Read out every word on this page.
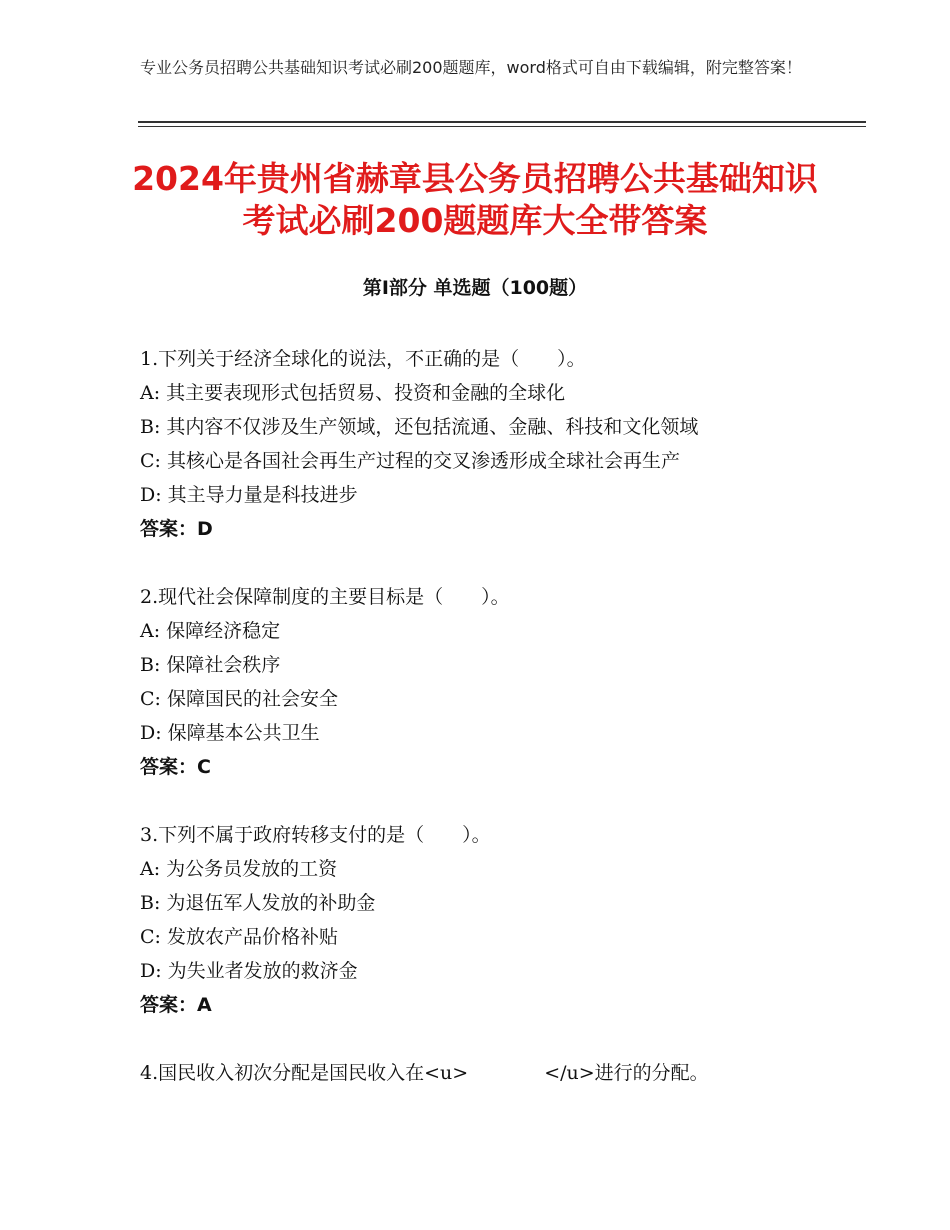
专业公务员招聘公共基础知识考试必刷200题题库，word格式可自由下载编辑，附完整答案！
2024年贵州省赫章县公务员招聘公共基础知识考试必刷200题题库大全带答案
第Ⅰ部分 单选题（100题）
1.下列关于经济全球化的说法，不正确的是（　　）。
A: 其主要表现形式包括贸易、投资和金融的全球化
B: 其内容不仅涉及生产领域，还包括流通、金融、科技和文化领域
C: 其核心是各国社会再生产过程的交叉渗透形成全球社会再生产
D: 其主导力量是科技进步
答案：D
2.现代社会保障制度的主要目标是（　　）。
A: 保障经济稳定
B: 保障社会秩序
C: 保障国民的社会安全
D: 保障基本公共卫生
答案：C
3.下列不属于政府转移支付的是（　　）。
A: 为公务员发放的工资
B: 为退伍军人发放的补助金
C: 发放农产品价格补贴
D: 为失业者发放的救济金
答案：A
4.国民收入初次分配是国民收入在<u>　　　　</u>进行的分配。
